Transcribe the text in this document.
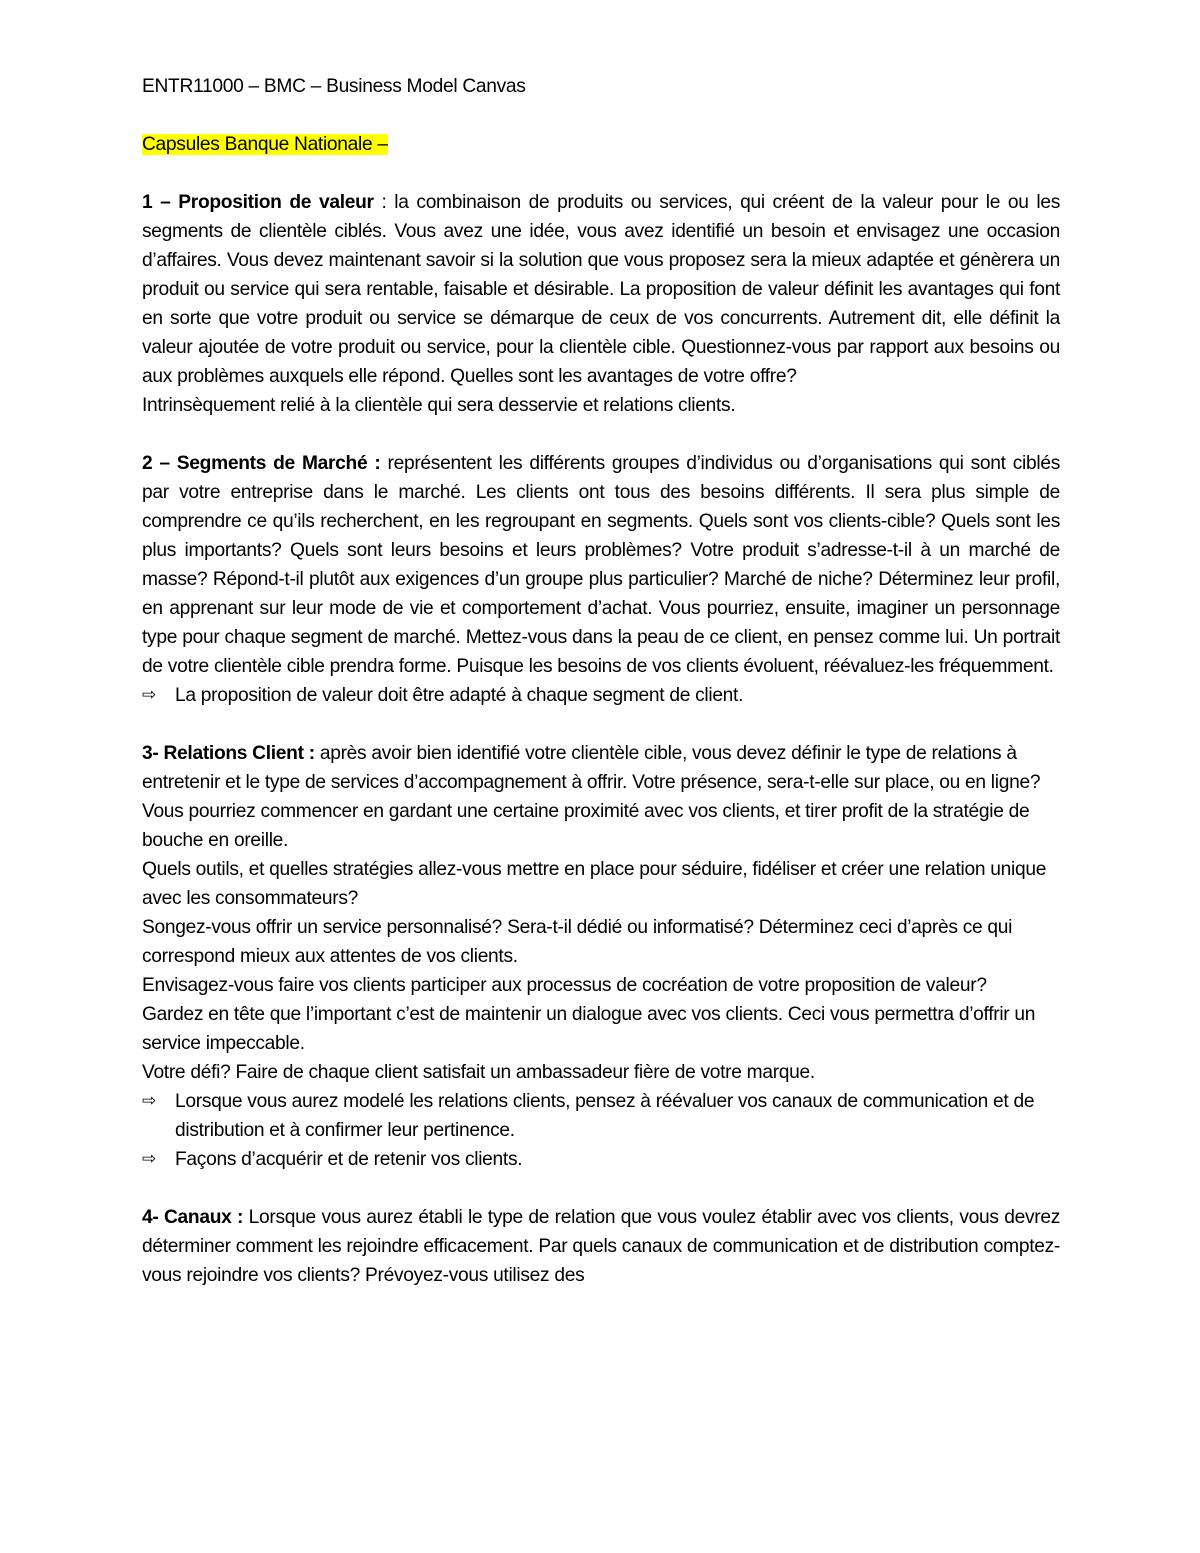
ENTR11000 – BMC – Business Model Canvas
Capsules Banque Nationale –

1 – Proposition de valeur : la combinaison de produits ou services, qui créent de la valeur pour le ou les segments de clientèle ciblés. Vous avez une idée, vous avez identifié un besoin et envisagez une occasion d’affaires. Vous devez maintenant savoir si la solution que vous proposez sera la mieux adaptée et génèrera un produit ou service qui sera rentable, faisable et désirable. La proposition de valeur définit les avantages qui font en sorte que votre produit ou service se démarque de ceux de vos concurrents. Autrement dit, elle définit la valeur ajoutée de votre produit ou service, pour la clientèle cible. Questionnez-vous par rapport aux besoins ou aux problèmes auxquels elle répond. Quelles sont les avantages de votre offre?

Intrinsèquement relié à la clientèle qui sera desservie et relations clients.

2 – Segments de Marché : représentent les différents groupes d’individus ou d’organisations qui sont ciblés par votre entreprise dans le marché. Les clients ont tous des besoins différents. Il sera plus simple de comprendre ce qu’ils recherchent, en les regroupant en segments. Quels sont vos clients-cible? Quels sont les plus importants? Quels sont leurs besoins et leurs problèmes? Votre produit s’adresse-t-il à un marché de masse? Répond-t-il plutôt aux exigences d’un groupe plus particulier? Marché de niche? Déterminez leur profil, en apprenant sur leur mode de vie et comportement d’achat. Vous pourriez, ensuite, imaginer un personnage type pour chaque segment de marché. Mettez-vous dans la peau de ce client, en pensez comme lui. Un portrait de votre clientèle cible prendra forme. Puisque les besoins de vos clients évoluent, réévaluez-les fréquemment.

⇨ La proposition de valeur doit être adapté à chaque segment de client.

3- Relations Client : après avoir bien identifié votre clientèle cible, vous devez définir le type de relations à entretenir et le type de services d’accompagnement à offrir. Votre présence, sera-t-elle sur place, ou en ligne? Vous pourriez commencer en gardant une certaine proximité avec vos clients, et tirer profit de la stratégie de bouche en oreille.

Quels outils, et quelles stratégies allez-vous mettre en place pour séduire, fidéliser et créer une relation unique avec les consommateurs?

Songez-vous offrir un service personnalisé? Sera-t-il dédié ou informatisé? Déterminez ceci d’après ce qui correspond mieux aux attentes de vos clients.

Envisagez-vous faire vos clients participer aux processus de cocréation de votre proposition de valeur?

Gardez en tête que l’important c’est de maintenir un dialogue avec vos clients. Ceci vous permettra d’offrir un service impeccable.

Votre défi? Faire de chaque client satisfait un ambassadeur fière de votre marque.

⇨ Lorsque vous aurez modelé les relations clients, pensez à réévaluer vos canaux de communication et de distribution et à confirmer leur pertinence.
⇨ Façons d’acquérir et de retenir vos clients.

4- Canaux : Lorsque vous aurez établi le type de relation que vous voulez établir avec vos clients, vous devrez déterminer comment les rejoindre efficacement. Par quels canaux de communication et de distribution comptez-vous rejoindre vos clients? Prévoyez-vous utilisez des
